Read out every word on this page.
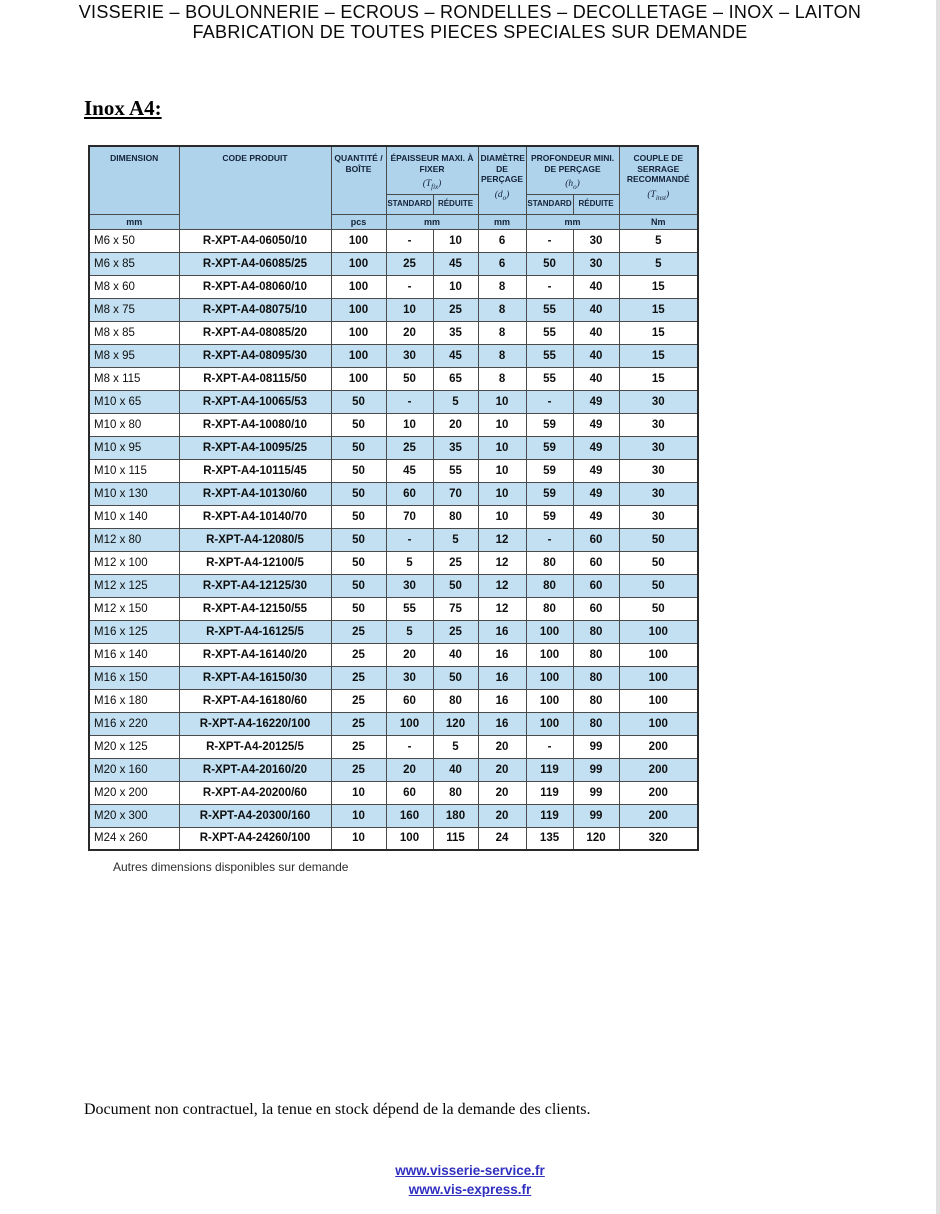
VISSERIE – BOULONNERIE – ECROUS – RONDELLES – DECOLLETAGE – INOX – LAITON
FABRICATION DE TOUTES PIECES SPECIALES SUR DEMANDE
Inox A4:
DIMENSION	CODE PRODUIT	QUANTITÉ / BOÎTE	ÉPAISSEUR MAXI. À FIXER
$(T_{fix})$		DIAMÈTRE DE PERÇAGE
$(d_o)$	PROFONDEUR MINI. DE PERÇAGE
$(h_o)$		COUPLE DE SERRAGE RECOMMANDÉ
$(T_{inst})$

			STANDARD	RÉDUITE		STANDARD	RÉDUITE	
mm		pcs	mm		mm	mm		Nm
M6 x 50	R-XPT-A4-06050/10	100	-	10	6	-	30	5
M6 x 85	R-XPT-A4-06085/25	100	25	45	6	50	30	5
M8 x 60	R-XPT-A4-08060/10	100	-	10	8	-	40	15
M8 x 75	R-XPT-A4-08075/10	100	10	25	8	55	40	15
M8 x 85	R-XPT-A4-08085/20	100	20	35	8	55	40	15
M8 x 95	R-XPT-A4-08095/30	100	30	45	8	55	40	15
M8 x 115	R-XPT-A4-08115/50	100	50	65	8	55	40	15
M10 x 65	R-XPT-A4-10065/53	50	-	5	10	-	49	30
M10 x 80	R-XPT-A4-10080/10	50	10	20	10	59	49	30
M10 x 95	R-XPT-A4-10095/25	50	25	35	10	59	49	30
M10 x 115	R-XPT-A4-10115/45	50	45	55	10	59	49	30
M10 x 130	R-XPT-A4-10130/60	50	60	70	10	59	49	30
M10 x 140	R-XPT-A4-10140/70	50	70	80	10	59	49	30
M12 x 80	R-XPT-A4-12080/5	50	-	5	12	-	60	50
M12 x 100	R-XPT-A4-12100/5	50	5	25	12	80	60	50
M12 x 125	R-XPT-A4-12125/30	50	30	50	12	80	60	50
M12 x 150	R-XPT-A4-12150/55	50	55	75	12	80	60	50
M16 x 125	R-XPT-A4-16125/5	25	5	25	16	100	80	100
M16 x 140	R-XPT-A4-16140/20	25	20	40	16	100	80	100
M16 x 150	R-XPT-A4-16150/30	25	30	50	16	100	80	100
M16 x 180	R-XPT-A4-16180/60	25	60	80	16	100	80	100
M16 x 220	R-XPT-A4-16220/100	25	100	120	16	100	80	100
M20 x 125	R-XPT-A4-20125/5	25	-	5	20	-	99	200
M20 x 160	R-XPT-A4-20160/20	25	20	40	20	119	99	200
M20 x 200	R-XPT-A4-20200/60	10	60	80	20	119	99	200
M20 x 300	R-XPT-A4-20300/160	10	160	180	20	119	99	200
M24 x 260	R-XPT-A4-24260/100	10	100	115	24	135	120	320
Autres dimensions disponibles sur demande
Document non contractuel, la tenue en stock dépend de la demande des clients.
www.visserie-service.fr
www.vis-express.fr
